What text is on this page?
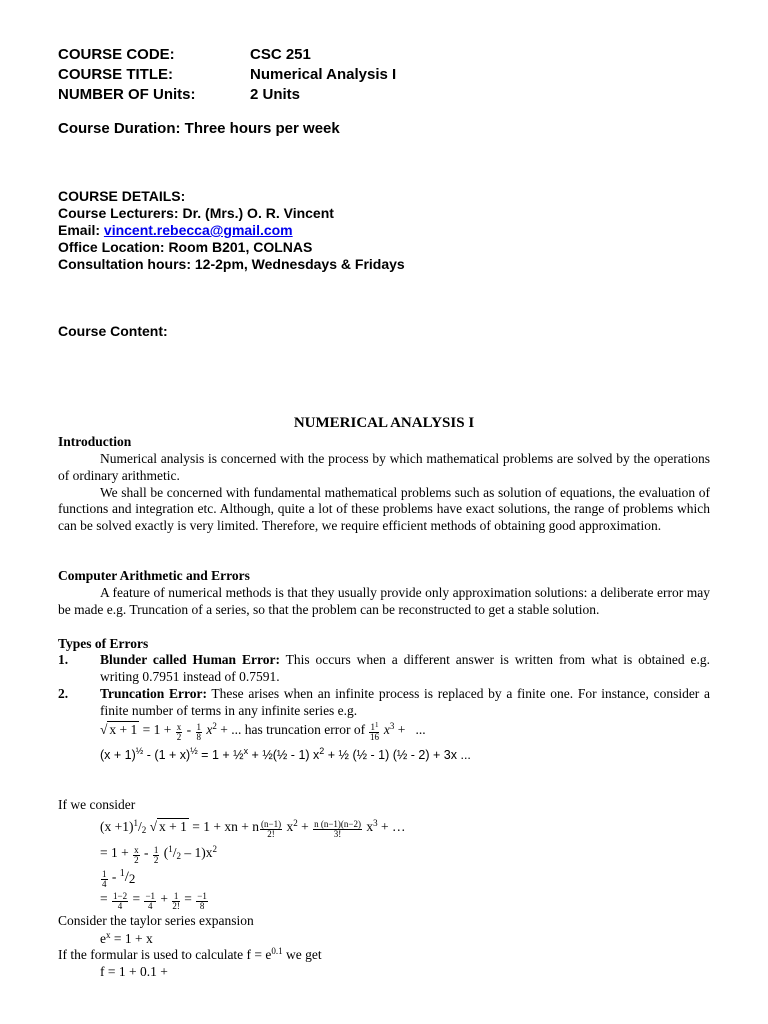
COURSE CODE:	CSC 251
COURSE TITLE:	Numerical Analysis I
NUMBER OF Units:	2 Units
Course Duration: Three hours per week
COURSE DETAILS:
Course Lecturers: Dr. (Mrs.) O. R. Vincent
Email: vincent.rebecca@gmail.com
Office Location: Room B201, COLNAS
Consultation hours: 12-2pm, Wednesdays & Fridays
Course Content:
NUMERICAL ANALYSIS I
Introduction

Numerical analysis is concerned with the process by which mathematical problems are solved by the operations of ordinary arithmetic.

We shall be concerned with fundamental mathematical problems such as solution of equations, the evaluation of functions and integration etc. Although, quite a lot of these problems have exact solutions, the range of problems which can be solved exactly is very limited. Therefore, we require efficient methods of obtaining good approximation.

Computer Arithmetic and Errors

A feature of numerical methods is that they usually provide only approximation solutions: a deliberate error may be made e.g. Truncation of a series, so that the problem can be reconstructed to get a stable solution.

Types of Errors
1. Blunder called Human Error: This occurs when a different answer is written from what is obtained e.g. writing 0.7951 instead of 0.7591.
2. Truncation Error: These arises when an infinite process is replaced by a finite one. For instance, consider a finite number of terms in any infinite series e.g.
√ $x + 1 = 1 + \frac{x}{2} - \frac{1}{8} x^2$ + ... has truncation error of $\frac{1^1}{16} x^3$ +   ...
$(x + 1)^{\frac{1}{2}} - (1 + x)^{\frac{1}{2}} = 1$ + ½$^x$ + ½(½ - 1) $x^2$ + ½ (½ - 1) (½ - 2) + 3x ...
If we consider
$(x +1)^1/_2$ √ x + 1 = 1 + xn + n $\frac{(n-1)}{2!} x^2 + \frac{n (n-1)(n-2)}{3!} x^3$ + …
= $1 + \frac{x}{2} - \frac{1}{2} (^1/_2 - 1)x^2$
$\frac{1}{4} - ^1/_2$
= $\frac{1-2}{4} = \frac{-1}{4} + \frac{1}{2!} = \frac{-1}{8}$
Consider the taylor series expansion
$e^x = 1 + x$
If the formular is used to calculate $f = e^{0.1}$ we get
f = 1 + 0.1 +
